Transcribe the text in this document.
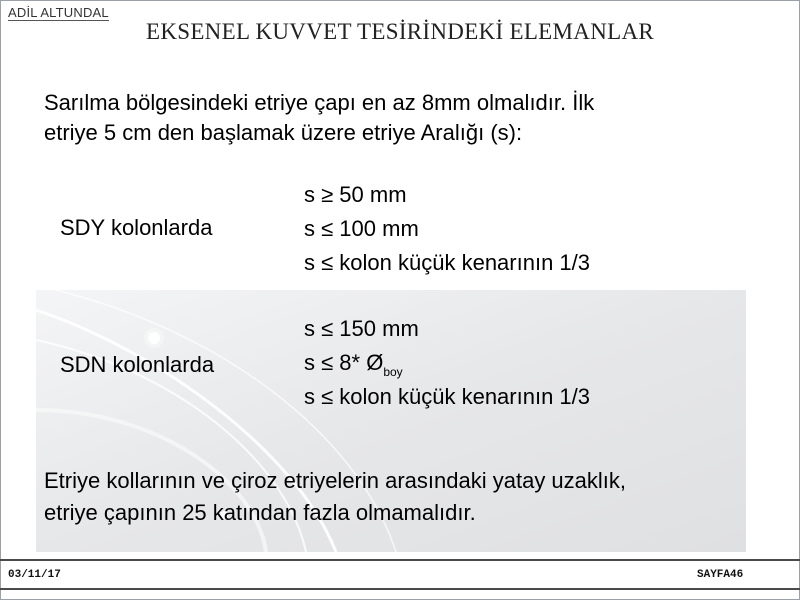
ADİL ALTUNDAL
EKSENEL KUVVET TESİRİNDEKİ ELEMANLAR
Sarılma bölgesindeki etriye çapı en az 8mm olmalıdır. İlk
etriye 5 cm den başlamak üzere etriye Aralığı (s):
SDY kolonlarda
s ≥ 50 mm
s ≤ 100 mm
s ≤ kolon küçük kenarının 1/3
SDN kolonlarda
s ≤ 150 mm
s ≤ 8* $Ø_{boy}$
s ≤ kolon küçük kenarının 1/3
Etriye kollarının ve çiroz etriyelerin arasındaki yatay uzaklık,
etriye çapının 25 katından fazla olmamalıdır.
03/11/17	SAYFA46
